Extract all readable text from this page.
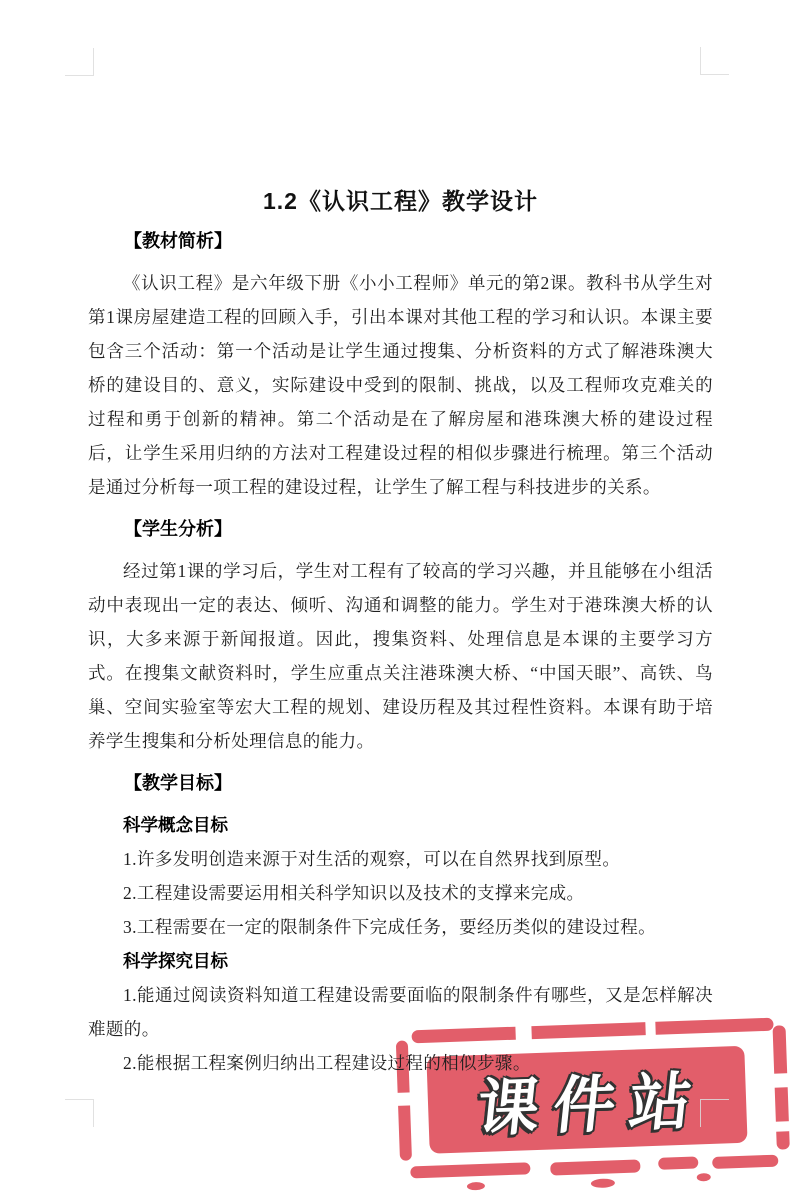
课件站
1.2《认识工程》教学设计
【教材简析】

《认识工程》是六年级下册《小小工程师》单元的第2课。教科书从学生对第1课房屋建造工程的回顾入手，引出本课对其他工程的学习和认识。本课主要包含三个活动：第一个活动是让学生通过搜集、分析资料的方式了解港珠澳大桥的建设目的、意义，实际建设中受到的限制、挑战，以及工程师攻克难关的过程和勇于创新的精神。第二个活动是在了解房屋和港珠澳大桥的建设过程后，让学生采用归纳的方法对工程建设过程的相似步骤进行梳理。第三个活动是通过分析每一项工程的建设过程，让学生了解工程与科技进步的关系。

【学生分析】

经过第1课的学习后，学生对工程有了较高的学习兴趣，并且能够在小组活动中表现出一定的表达、倾听、沟通和调整的能力。学生对于港珠澳大桥的认识，大多来源于新闻报道。因此，搜集资料、处理信息是本课的主要学习方式。在搜集文献资料时，学生应重点关注港珠澳大桥、“中国天眼”、高铁、鸟巢、空间实验室等宏大工程的规划、建设历程及其过程性资料。本课有助于培养学生搜集和分析处理信息的能力。

【教学目标】
科学概念目标

1.许多发明创造来源于对生活的观察，可以在自然界找到原型。

2.工程建设需要运用相关科学知识以及技术的支撑来完成。

3.工程需要在一定的限制条件下完成任务，要经历类似的建设过程。

科学探究目标

1.能通过阅读资料知道工程建设需要面临的限制条件有哪些，又是怎样解决难题的。

2.能根据工程案例归纳出工程建设过程的相似步骤。
